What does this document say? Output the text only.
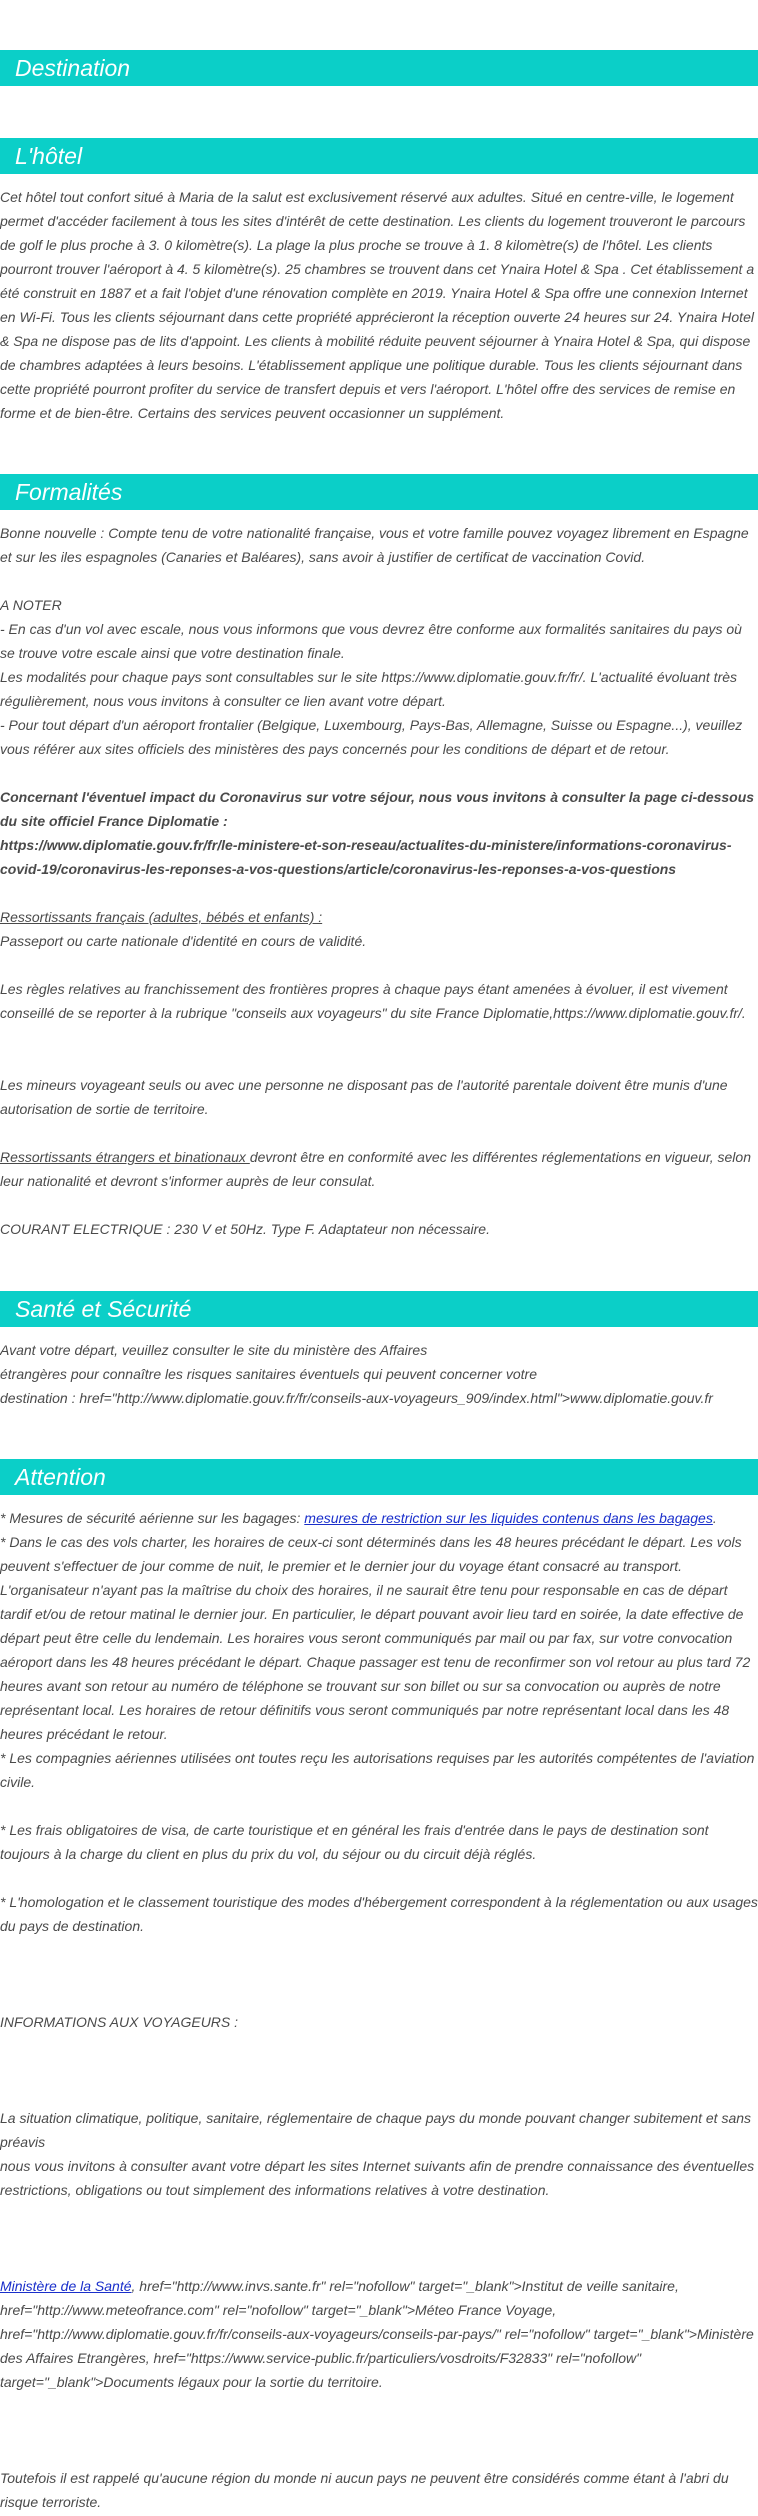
Destination
L'hôtel

Cet hôtel tout confort situé à Maria de la salut est exclusivement réservé aux adultes. Situé en centre-ville, le logement permet d'accéder facilement à tous les sites d'intérêt de cette destination. Les clients du logement trouveront le parcours de golf le plus proche à 3. 0 kilomètre(s). La plage la plus proche se trouve à 1. 8 kilomètre(s) de l'hôtel. Les clients pourront trouver l'aéroport à 4. 5 kilomètre(s). 25 chambres se trouvent dans cet Ynaira Hotel & Spa . Cet établissement a été construit en 1887 et a fait l'objet d'une rénovation complète en 2019. Ynaira Hotel & Spa offre une connexion Internet en Wi-Fi. Tous les clients séjournant dans cette propriété apprécieront la réception ouverte 24 heures sur 24. Ynaira Hotel & Spa ne dispose pas de lits d'appoint. Les clients à mobilité réduite peuvent séjourner à Ynaira Hotel & Spa, qui dispose de chambres adaptées à leurs besoins. L'établissement applique une politique durable. Tous les clients séjournant dans cette propriété pourront profiter du service de transfert depuis et vers l'aéroport. L'hôtel offre des services de remise en forme et de bien-être. Certains des services peuvent occasionner un supplément.

Formalités

Bonne nouvelle : Compte tenu de votre nationalité française, vous et votre famille pouvez voyagez librement en Espagne et sur les iles espagnoles (Canaries et Baléares), sans avoir à justifier de certificat de vaccination Covid.

A NOTER

- En cas d'un vol avec escale, nous vous informons que vous devrez être conforme aux formalités sanitaires du pays où se trouve votre escale ainsi que votre destination finale.

Les modalités pour chaque pays sont consultables sur le site https://www.diplomatie.gouv.fr/fr/. L'actualité évoluant très régulièrement, nous vous invitons à consulter ce lien avant votre départ.

- Pour tout départ d'un aéroport frontalier (Belgique, Luxembourg, Pays-Bas, Allemagne, Suisse ou Espagne...), veuillez vous référer aux sites officiels des ministères des pays concernés pour les conditions de départ et de retour.

Concernant l'éventuel impact du Coronavirus sur votre séjour, nous vous invitons à consulter la page ci-dessous du site officiel France Diplomatie :
https://www.diplomatie.gouv.fr/fr/le-ministere-et-son-reseau/actualites-du-ministere/informations-coronavirus-covid-19/coronavirus-les-reponses-a-vos-questions/article/coronavirus-les-reponses-a-vos-questions

Ressortissants français (adultes, bébés et enfants) :
Passeport ou carte nationale d'identité en cours de validité.

Les règles relatives au franchissement des frontières propres à chaque pays étant amenées à évoluer, il est vivement conseillé de se reporter à la rubrique "conseils aux voyageurs" du site France Diplomatie,https://www.diplomatie.gouv.fr/.

Les mineurs voyageant seuls ou avec une personne ne disposant pas de l'autorité parentale doivent être munis d'une autorisation de sortie de territoire.

Ressortissants étrangers et binationaux devront être en conformité avec les différentes réglementations en vigueur, selon leur nationalité et devront s'informer auprès de leur consulat.

COURANT ELECTRIQUE : 230 V et 50Hz. Type F. Adaptateur non nécessaire.

Santé et Sécurité

Avant votre départ, veuillez consulter le site du ministère des Affaires
étrangères pour connaître les risques sanitaires éventuels qui peuvent concerner votre
destination : href="http://www.diplomatie.gouv.fr/fr/conseils-aux-voyageurs_909/index.html">www.diplomatie.gouv.fr

Attention

* Mesures de sécurité aérienne sur les bagages: mesures de restriction sur les liquides contenus dans les bagages.

* Dans le cas des vols charter, les horaires de ceux-ci sont déterminés dans les 48 heures précédant le départ. Les vols peuvent s'effectuer de jour comme de nuit, le premier et le dernier jour du voyage étant consacré au transport. L'organisateur n'ayant pas la maîtrise du choix des horaires, il ne saurait être tenu pour responsable en cas de départ tardif et/ou de retour matinal le dernier jour. En particulier, le départ pouvant avoir lieu tard en soirée, la date effective de départ peut être celle du lendemain. Les horaires vous seront communiqués par mail ou par fax, sur votre convocation aéroport dans les 48 heures précédant le départ. Chaque passager est tenu de reconfirmer son vol retour au plus tard 72 heures avant son retour au numéro de téléphone se trouvant sur son billet ou sur sa convocation ou auprès de notre représentant local. Les horaires de retour définitifs vous seront communiqués par notre représentant local dans les 48 heures précédant le retour.

* Les compagnies aériennes utilisées ont toutes reçu les autorisations requises par les autorités compétentes de l'aviation civile.

* Les frais obligatoires de visa, de carte touristique et en général les frais d'entrée dans le pays de destination sont toujours à la charge du client en plus du prix du vol, du séjour ou du circuit déjà réglés.

* L'homologation et le classement touristique des modes d'hébergement correspondent à la réglementation ou aux usages du pays de destination.

INFORMATIONS AUX VOYAGEURS :

La situation climatique, politique, sanitaire, réglementaire de chaque pays du monde pouvant changer subitement et sans préavis
nous vous invitons à consulter avant votre départ les sites Internet suivants afin de prendre connaissance des éventuelles restrictions, obligations ou tout simplement des informations relatives à votre destination.

Ministère de la Santé, href="http://www.invs.sante.fr" rel="nofollow" target="_blank">Institut de veille sanitaire, href="http://www.meteofrance.com" rel="nofollow" target="_blank">Méteo France Voyage, href="http://www.diplomatie.gouv.fr/fr/conseils-aux-voyageurs/conseils-par-pays/" rel="nofollow" target="_blank">Ministère des Affaires Etrangères, href="https://www.service-public.fr/particuliers/vosdroits/F32833" rel="nofollow" target="_blank">Documents légaux pour la sortie du territoire.

Toutefois il est rappelé qu'aucune région du monde ni aucun pays ne peuvent être considérés comme étant à l'abri du risque terroriste.
